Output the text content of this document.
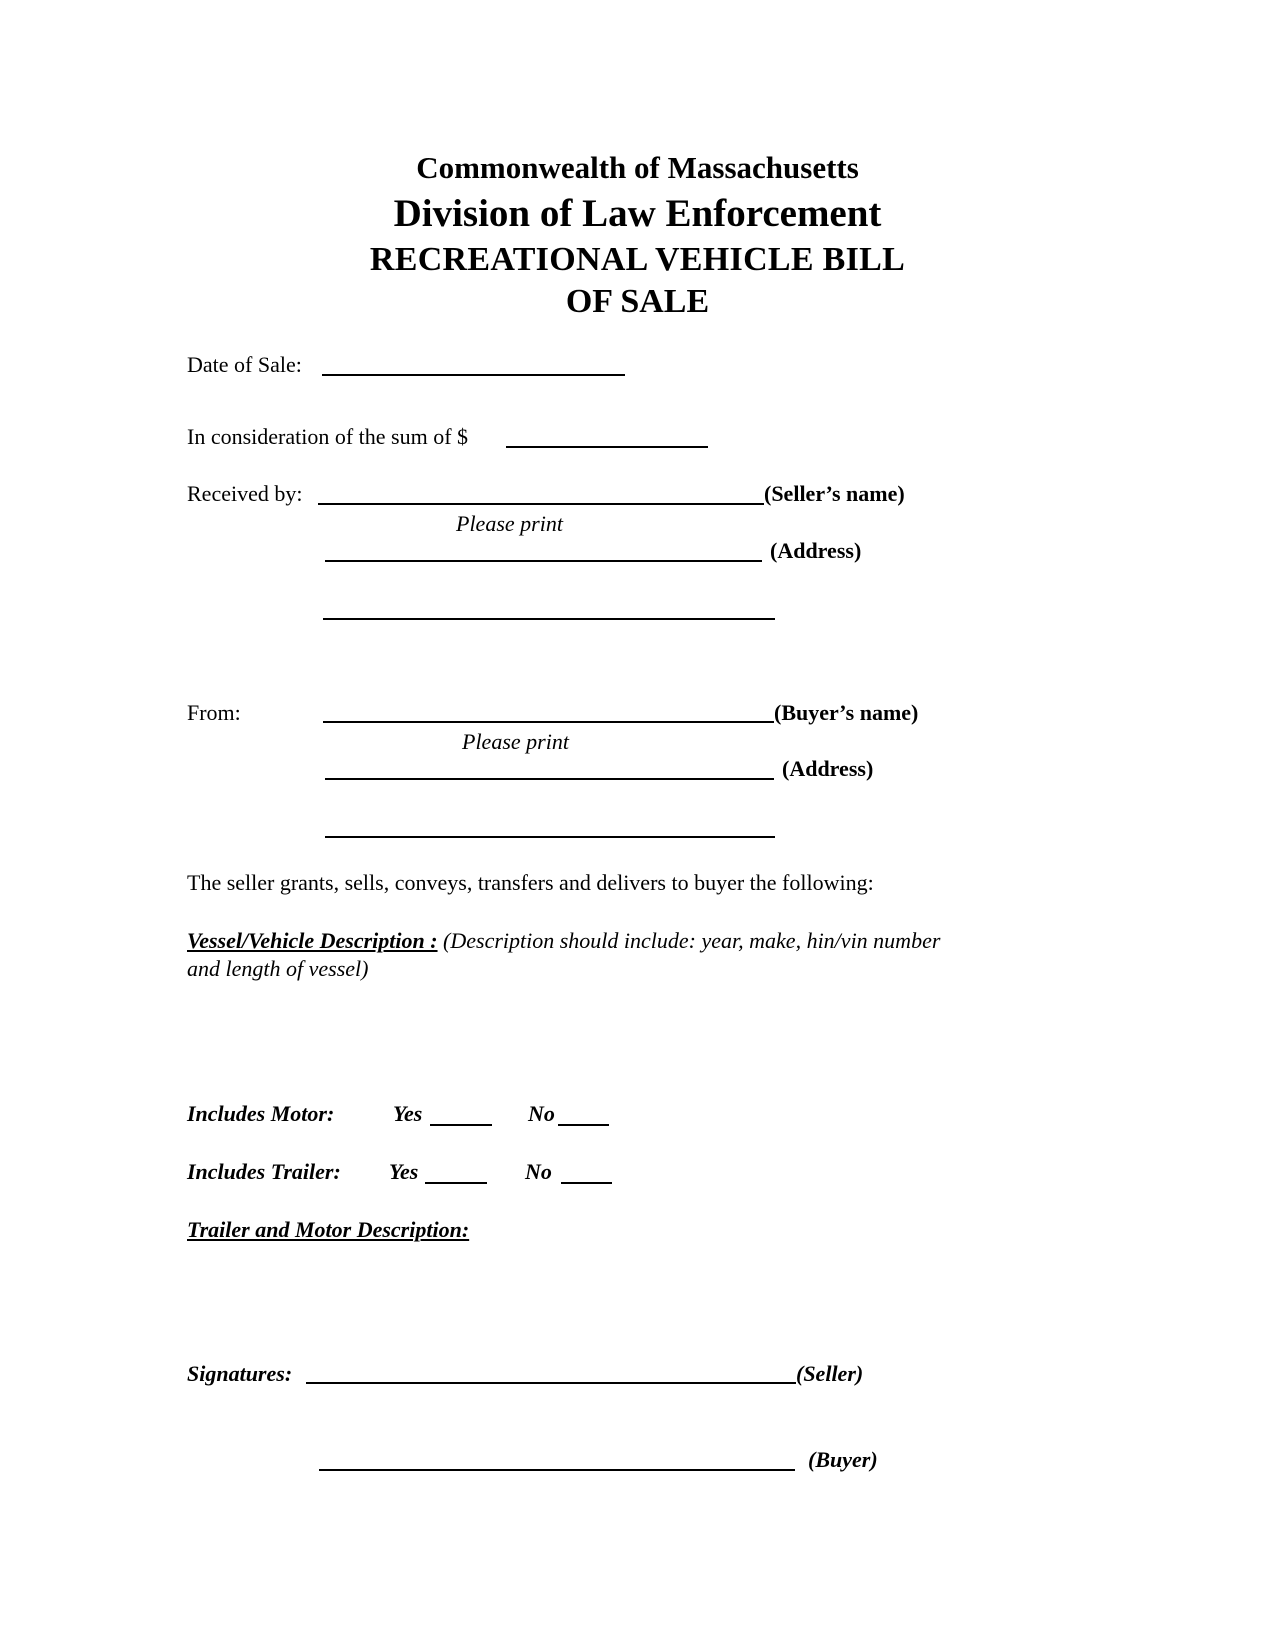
Commonwealth of Massachusetts
Division of Law Enforcement
RECREATIONAL VEHICLE BILL
OF SALE
Date of Sale:
In consideration of the sum of $
Received by:	(Seller’s name)
Please print
(Address)
From:	(Buyer’s name)
Please print
(Address)
The seller grants, sells, conveys, transfers and delivers to buyer the following:
Vessel/Vehicle Description : (Description should include: year, make, hin/vin number
and length of vessel)
Includes Motor:	Yes	No
Includes Trailer: Yes	No
Trailer and Motor Description:
Signatures:	(Seller)
(Buyer)
